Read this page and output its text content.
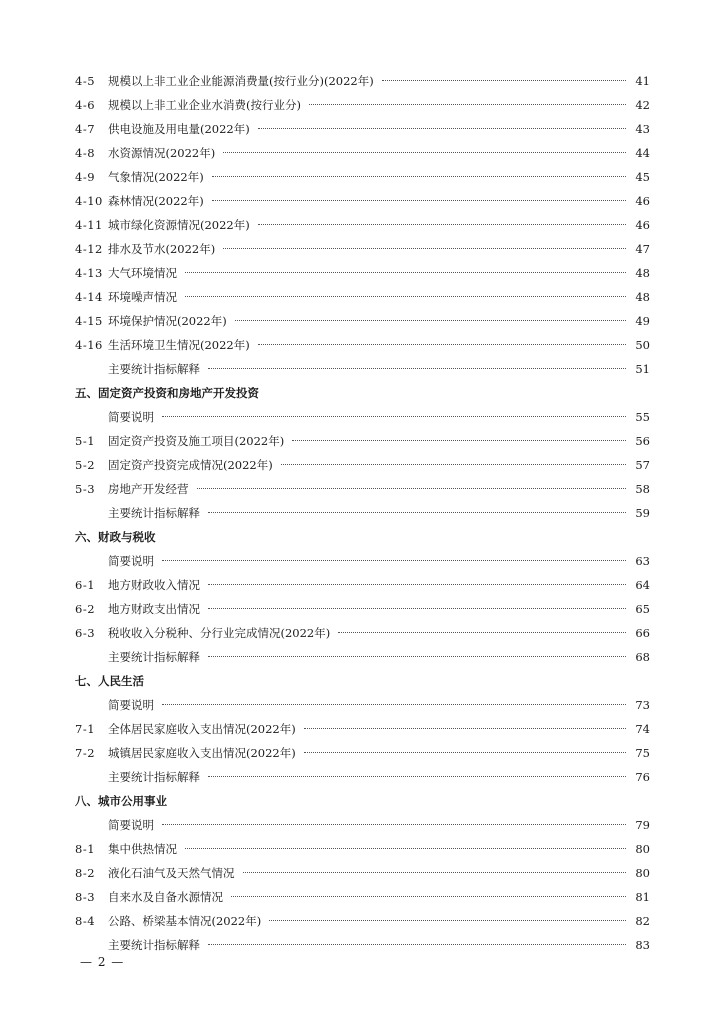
4-5	规模以上非工业企业能源消费量(按行业分)(2022年)	41
4-6	规模以上非工业企业水消费(按行业分)	42
4-7	供电设施及用电量(2022年)	43
4-8	水资源情况(2022年)	44
4-9	气象情况(2022年)	45
4-10 森林情况(2022年)	46
4-11 城市绿化资源情况(2022年)	46
4-12 排水及节水(2022年)	47
4-13 大气环境情况	48
4-14 环境噪声情况	48
4-15 环境保护情况(2022年)	49
4-16 生活环境卫生情况(2022年)	50
主要统计指标解释	51
五、固定资产投资和房地产开发投资
简要说明	55
5-1	固定资产投资及施工项目(2022年)	56
5-2	固定资产投资完成情况(2022年)	57
5-3	房地产开发经营	58
主要统计指标解释	59
六、财政与税收
简要说明	63
6-1	地方财政收入情况	64
6-2	地方财政支出情况	65
6-3	税收收入分税种、分行业完成情况(2022年)	66
主要统计指标解释	68
七、人民生活
简要说明	73
7-1	全体居民家庭收入支出情况(2022年)	74
7-2	城镇居民家庭收入支出情况(2022年)	75
主要统计指标解释	76
八、城市公用事业
简要说明	79
8-1	集中供热情况	80
8-2	液化石油气及天然气情况	80
8-3	自来水及自备水源情况	81
8-4	公路、桥梁基本情况(2022年)	82
主要统计指标解释	83
— 2 —
